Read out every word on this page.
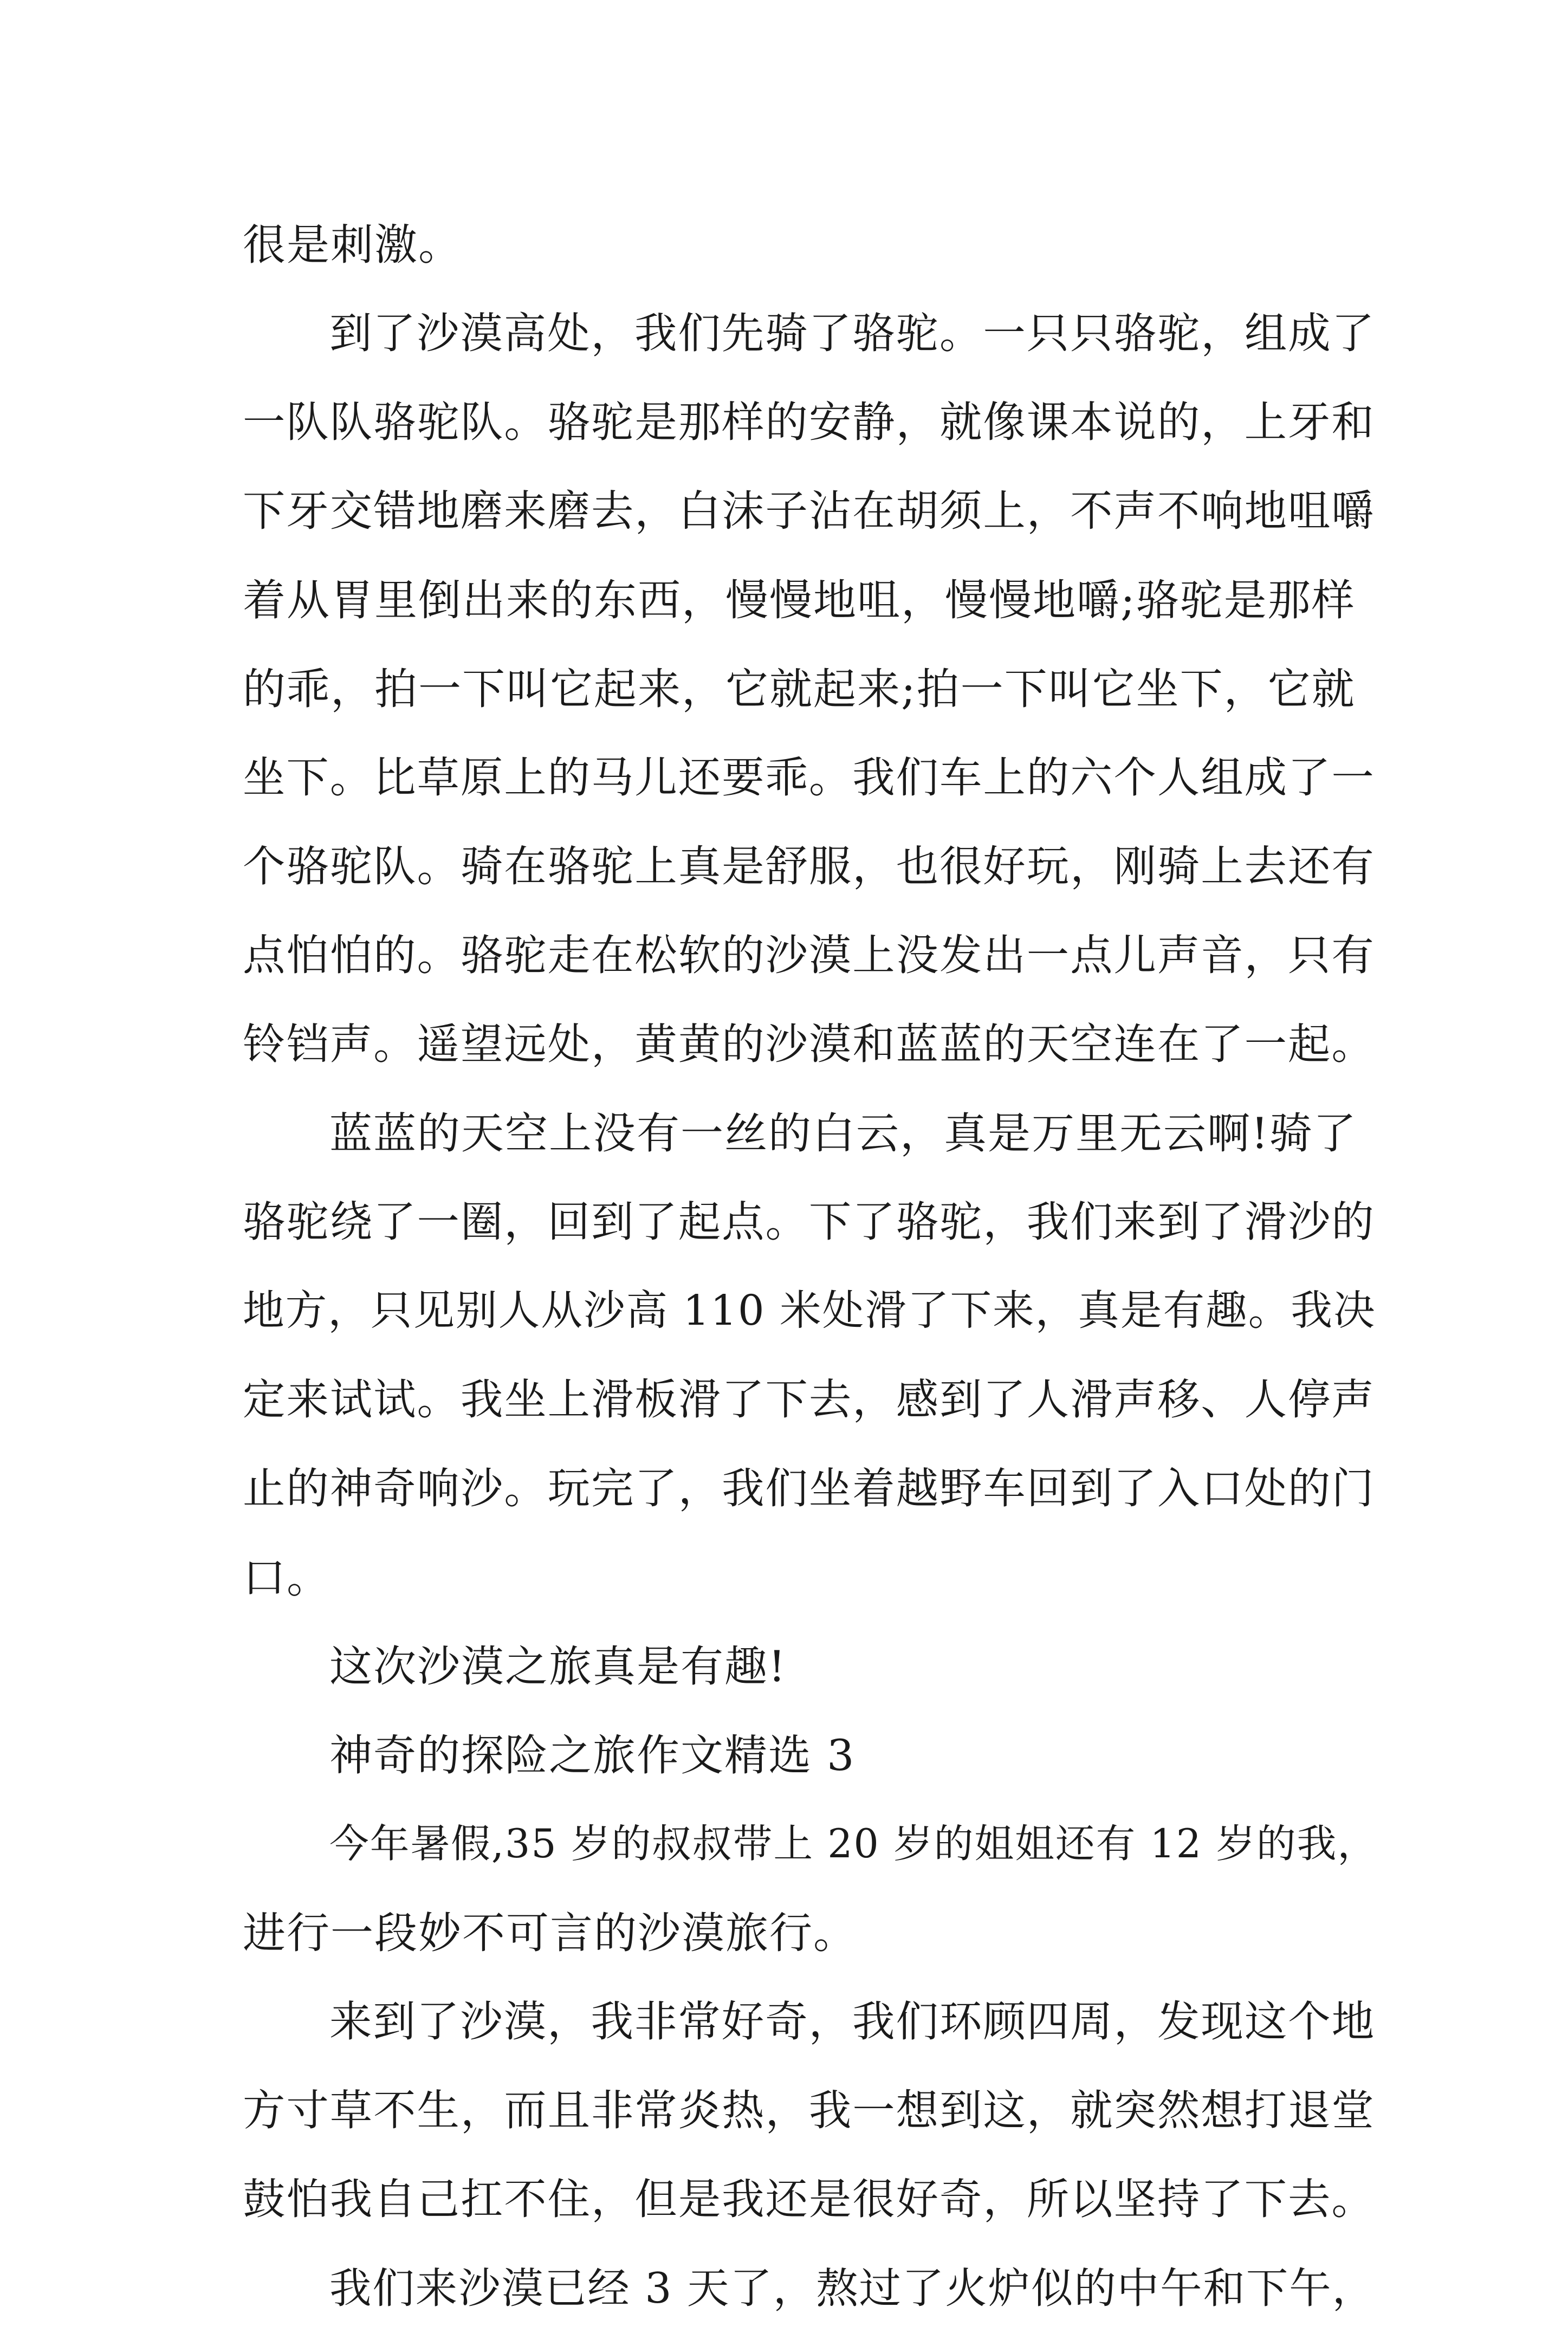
很是刺激。
到了沙漠高处，我们先骑了骆驼。一只只骆驼，组成了
一队队骆驼队。骆驼是那样的安静，就像课本说的，上牙和
下牙交错地磨来磨去，白沫子沾在胡须上，不声不响地咀嚼
着从胃里倒出来的东西，慢慢地咀，慢慢地嚼;骆驼是那样
的乖，拍一下叫它起来，它就起来;拍一下叫它坐下，它就
坐下。比草原上的马儿还要乖。我们车上的六个人组成了一
个骆驼队。骑在骆驼上真是舒服，也很好玩，刚骑上去还有
点怕怕的。骆驼走在松软的沙漠上没发出一点儿声音，只有
铃铛声。遥望远处，黄黄的沙漠和蓝蓝的天空连在了一起。
蓝蓝的天空上没有一丝的白云，真是万里无云啊!骑了
骆驼绕了一圈，回到了起点。下了骆驼，我们来到了滑沙的
地方，只见别人从沙高 110 米处滑了下来，真是有趣。我决
定来试试。我坐上滑板滑了下去，感到了人滑声移、人停声
止的神奇响沙。玩完了，我们坐着越野车回到了入口处的门
口。
这次沙漠之旅真是有趣!
神奇的探险之旅作文精选 3
今年暑假,35 岁的叔叔带上 20 岁的姐姐还有 12 岁的我，
进行一段妙不可言的沙漠旅行。
来到了沙漠，我非常好奇，我们环顾四周，发现这个地
方寸草不生，而且非常炎热，我一想到这，就突然想打退堂
鼓怕我自己扛不住，但是我还是很好奇，所以坚持了下去。
我们来沙漠已经 3 天了，熬过了火炉似的中午和下午，
